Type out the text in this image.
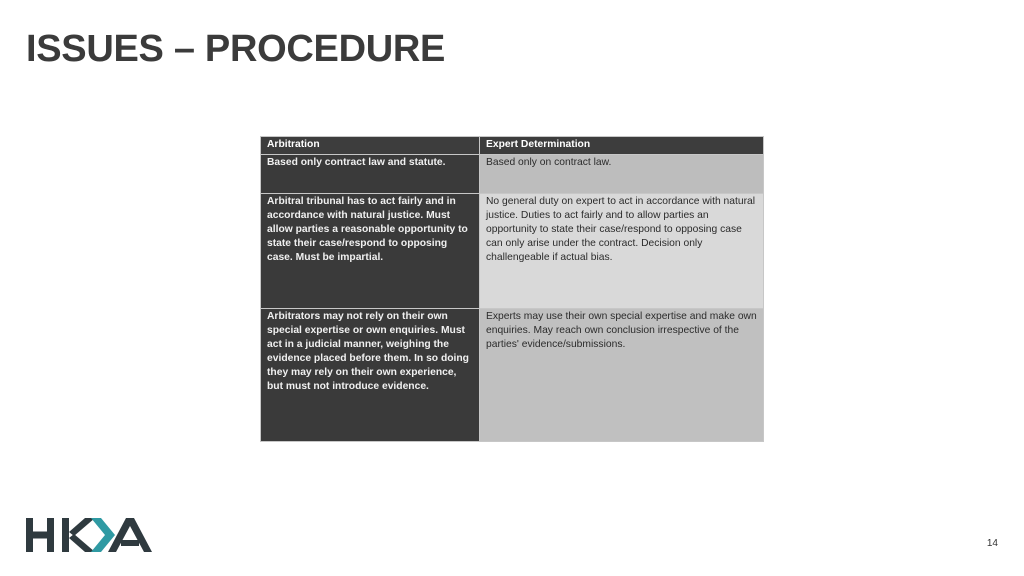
ISSUES – PROCEDURE
Arbitration	Expert Determination
Based only contract law and statute.	Based only on contract law.
Arbitral tribunal has to act fairly and in accordance with natural justice. Must allow parties a reasonable opportunity to state their case/respond to opposing case. Must be impartial.	No general duty on expert to act in accordance with natural justice. Duties to act fairly and to allow parties an opportunity to state their case/respond to opposing case can only arise under the contract. Decision only challengeable if actual bias.
Arbitrators may not rely on their own special expertise or own enquiries. Must act in a judicial manner, weighing the evidence placed before them. In so doing they may rely on their own experience, but must not introduce evidence.	Experts may use their own special expertise and make own enquiries. May reach own conclusion irrespective of the parties' evidence/submissions.
14
